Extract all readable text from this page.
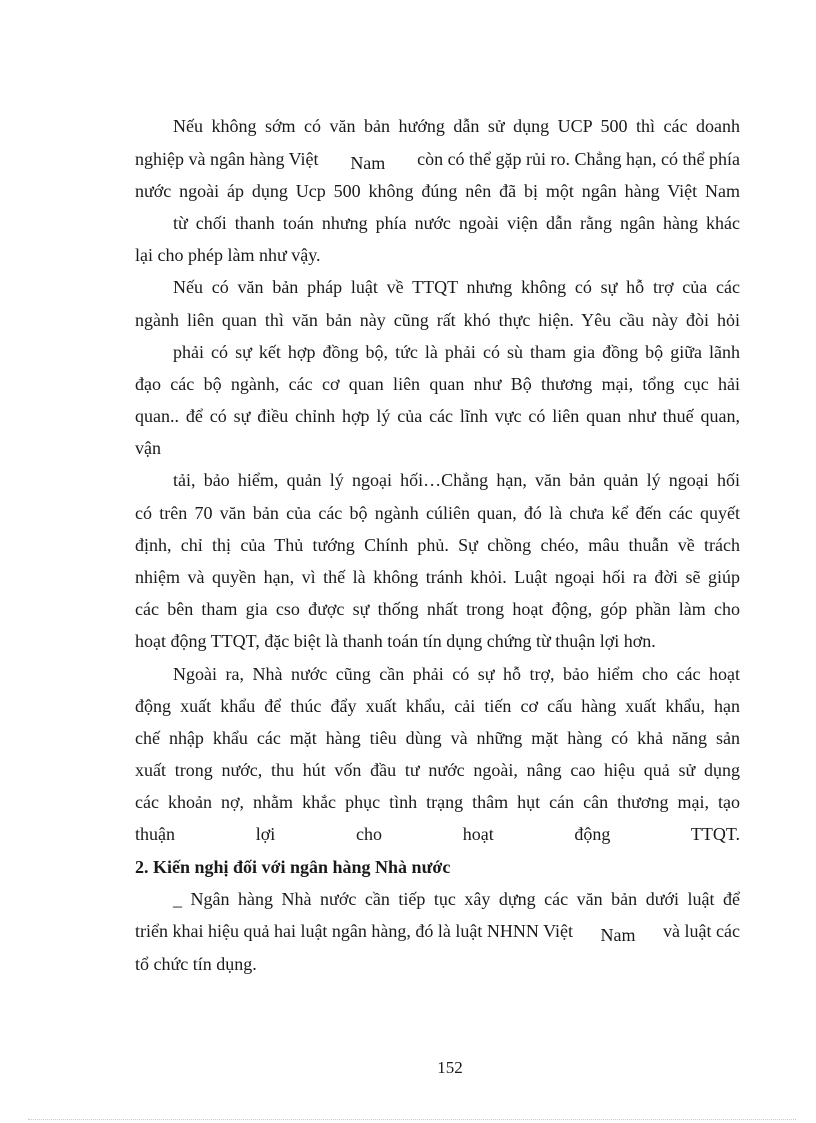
Nếu không sớm có văn bản hướng dẫn sử dụng UCP 500 thì các doanh
nghiệp và ngân hàng Việt Nam còn có thể gặp rủi ro. Chẳng hạn, có thể phía
nước ngoài áp dụng Ucp 500 không đúng nên đã bị một ngân hàng Việt Nam
từ chối thanh toán nhưng phía nước ngoài viện dẫn rằng ngân hàng khác
lại cho phép làm như vậy.
Nếu có văn bản pháp luật về TTQT nhưng không có sự hỗ trợ của các
ngành liên quan thì văn bản này cũng rất khó thực hiện. Yêu cầu này đòi hỏi
phải có sự kết hợp đồng bộ, tức là phải có sù tham gia đồng bộ giữa lãnh
đạo các bộ ngành, các cơ quan liên quan như Bộ thương mại, tổng cục hải
quan.. để có sự điều chỉnh hợp lý của các lĩnh vực có liên quan như thuế quan,
vận
tải, bảo hiểm, quản lý ngoại hối…Chẳng hạn, văn bản quản lý ngoại hối
có trên 70 văn bản của các bộ ngành cúliên quan, đó là chưa kể đến các quyết
định, chỉ thị của Thủ tướng Chính phủ. Sự chồng chéo, mâu thuẫn về trách
nhiệm và quyền hạn, vì thế là không tránh khỏi. Luật ngoại hối ra đời sẽ giúp
các bên tham gia cso được sự thống nhất trong hoạt động, góp phần làm cho
hoạt động TTQT, đặc biệt là thanh toán tín dụng chứng từ thuận lợi hơn.
Ngoài ra, Nhà nước cũng cần phải có sự hỗ trợ, bảo hiểm cho các hoạt
động xuất khẩu để thúc đẩy xuất khẩu, cải tiến cơ cấu hàng xuất khẩu, hạn
chế nhập khẩu các mặt hàng tiêu dùng và những mặt hàng có khả năng sản
xuất trong nước, thu hút vốn đầu tư nước ngoài, nâng cao hiệu quả sử dụng
các khoản nợ, nhằm khắc phục tình trạng thâm hụt cán cân thương mại, tạo
thuận lợi cho hoạt động TTQT.
2. Kiến nghị đối với ngân hàng Nhà nước
_ Ngân hàng Nhà nước cần tiếp tục xây dựng các văn bản dưới luật để
triển khai hiệu quả hai luật ngân hàng, đó là luật NHNN Việt Nam và luật các
tổ chức tín dụng.
152
